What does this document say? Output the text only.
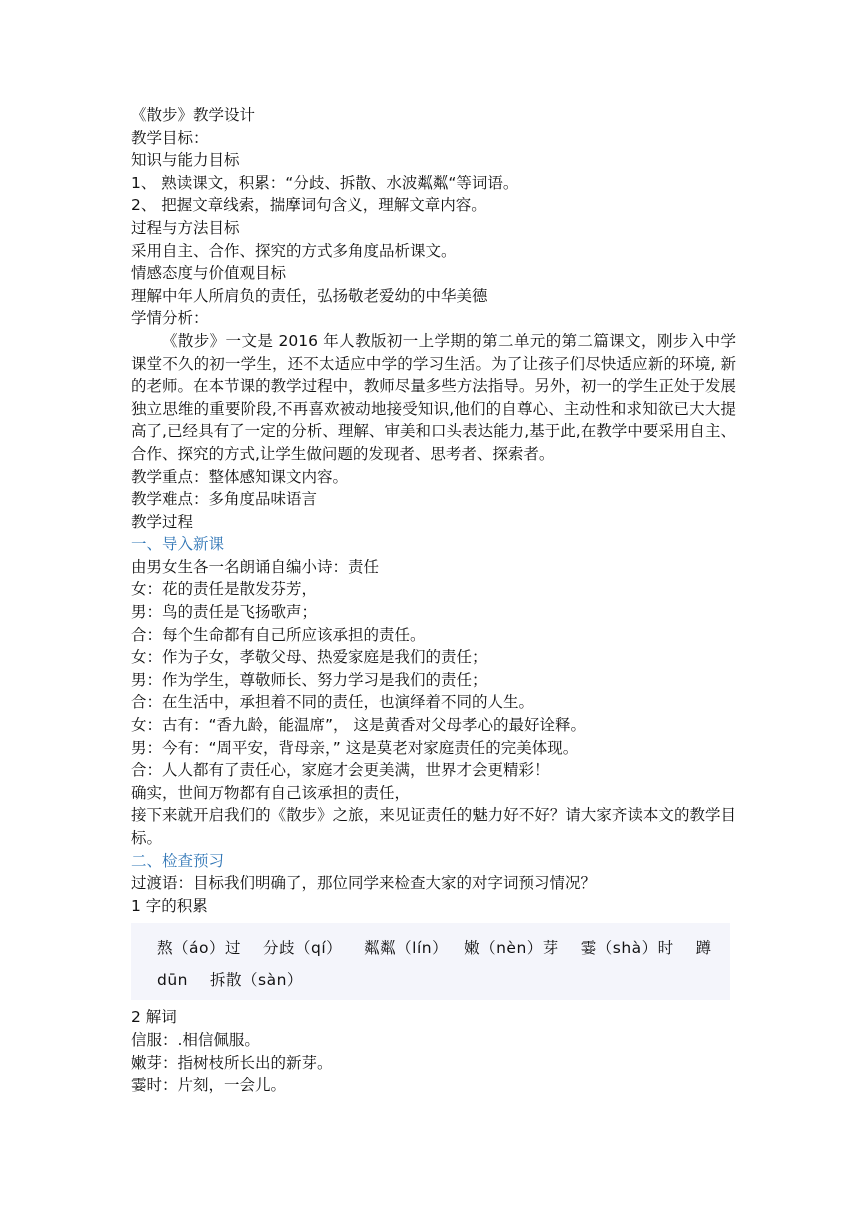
《散步》教学设计
教学目标：
知识与能力目标
1、 熟读课文，积累：“分歧、拆散、水波粼粼“等词语。
2、 把握文章线索，揣摩词句含义，理解文章内容。
过程与方法目标
采用自主、合作、探究的方式多角度品析课文。
情感态度与价值观目标
理解中年人所肩负的责任，弘扬敬老爱幼的中华美德
学情分析：
《散步》一文是 2016 年人教版初一上学期的第二单元的第二篇课文，刚步入中学课堂不久的初一学生，还不太适应中学的学习生活。为了让孩子们尽快适应新的环境, 新的老师。在本节课的教学过程中，教师尽量多些方法指导。另外，初一的学生正处于发展独立思维的重要阶段,不再喜欢被动地接受知识,他们的自尊心、主动性和求知欲已大大提高了,已经具有了一定的分析、理解、审美和口头表达能力,基于此,在教学中要采用自主、合作、探究的方式,让学生做问题的发现者、思考者、探索者。
教学重点：整体感知课文内容。
教学难点：多角度品味语言
教学过程
一、导入新课
由男女生各一名朗诵自编小诗：责任
女：花的责任是散发芬芳，
男：鸟的责任是飞扬歌声；
合：每个生命都有自己所应该承担的责任。
女：作为子女，孝敬父母、热爱家庭是我们的责任；
男：作为学生，尊敬师长、努力学习是我们的责任；
合：在生活中，承担着不同的责任，也演绎着不同的人生。
女：古有：“香九龄，能温席”， 这是黄香对父母孝心的最好诠释。
男：今有：“周平安，背母亲，” 这是莫老对家庭责任的完美体现。
合：人人都有了责任心，家庭才会更美满，世界才会更精彩！
确实，世间万物都有自己该承担的责任，
接下来就开启我们的《散步》之旅，来见证责任的魅力好不好？请大家齐读本文的教学目标。
二、检查预习
过渡语：目标我们明确了，那位同学来检查大家的对字词预习情况？
1 字的积累
熬（áo）过 分歧（qí） 粼粼（lín） 嫩（nèn）芽 霎（shà）时 蹲
dūn 拆散（sàn）
2 解词
信服：.相信佩服。
嫩芽：指树枝所长出的新芽。
霎时：片刻，一会儿。
